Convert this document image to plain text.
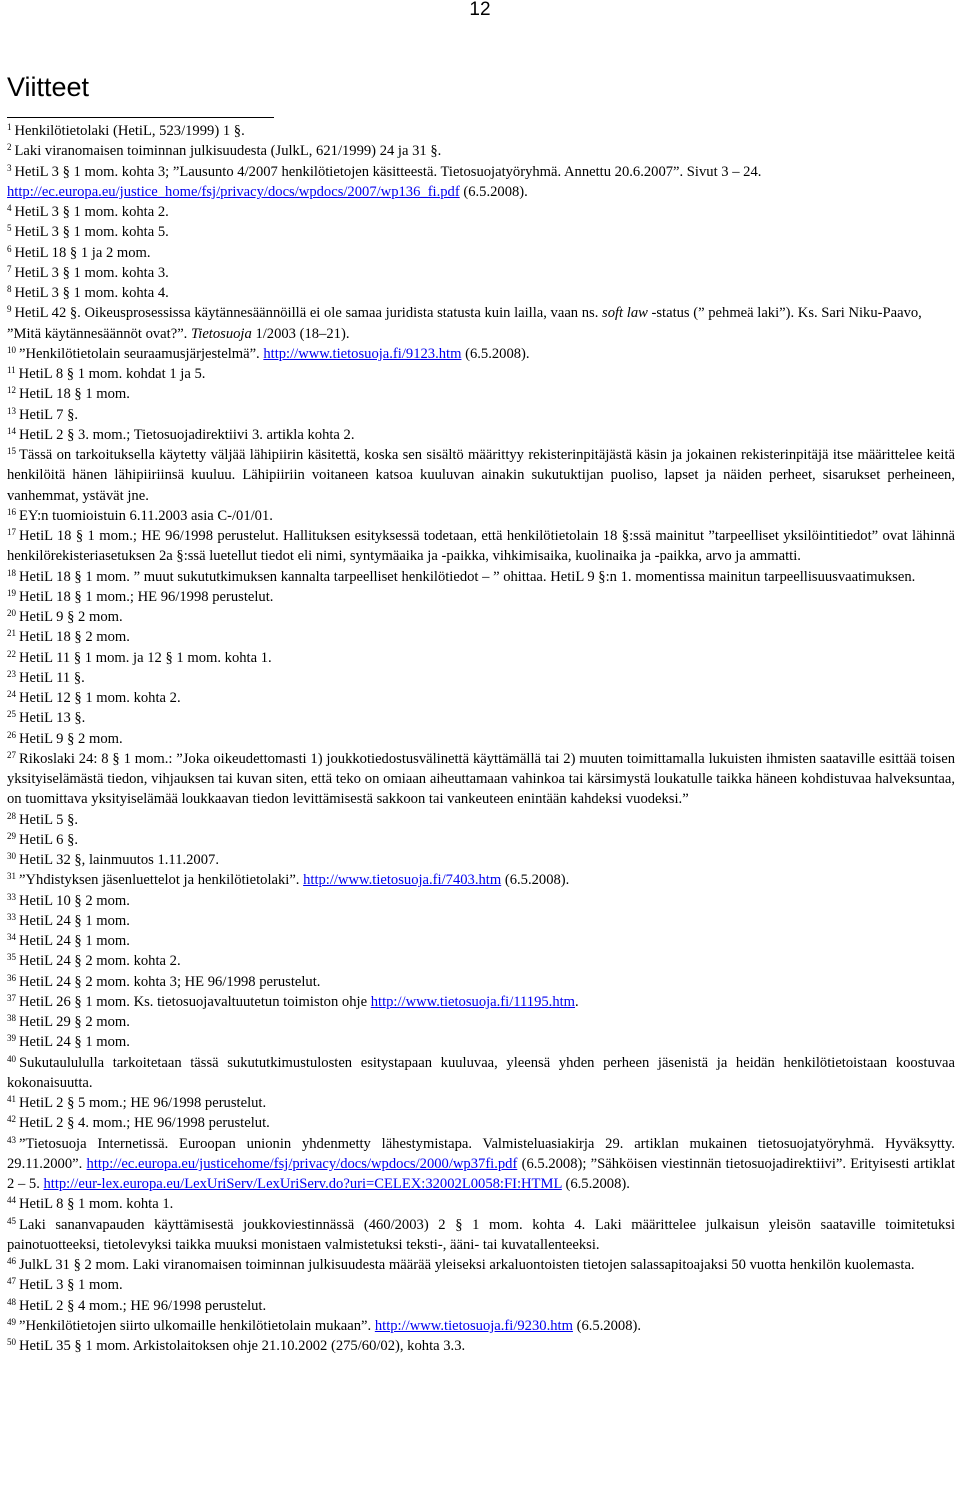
12
Viitteet

$^1$ Henkilötietolaki (HetiL, 523/1999) 1 §.

$^2$ Laki viranomaisen toiminnan julkisuudesta (JulkL, 621/1999) 24 ja 31 §.

$^3$ HetiL 3 § 1 mom. kohta 3; ”Lausunto 4/2007 henkilötietojen käsitteestä. Tietosuojatyöryhmä. Annettu 20.6.2007”. Sivut 3 – 24. http://ec.europa.eu/justice_home/fsj/privacy/docs/wpdocs/2007/wp136_fi.pdf (6.5.2008).

$^4$ HetiL 3 § 1 mom. kohta 2.

$^5$ HetiL 3 § 1 mom. kohta 5.

$^6$ HetiL 18 § 1 ja 2 mom.

$^7$ HetiL 3 § 1 mom. kohta 3.

$^8$ HetiL 3 § 1 mom. kohta 4.

$^9$ HetiL 42 §. Oikeusprosessissa käytännesäännöillä ei ole samaa juridista statusta kuin lailla, vaan ns. soft law -status (” pehmeä laki”). Ks. Sari Niku-Paavo, ”Mitä käytännesäännöt ovat?”. Tietosuoja 1/2003 (18–21).

$^{10}$ ”Henkilötietolain seuraamusjärjestelmä”. http://www.tietosuoja.fi/9123.htm (6.5.2008).

$^{11}$ HetiL 8 § 1 mom. kohdat 1 ja 5.

$^{12}$ HetiL 18 § 1 mom.

$^{13}$ HetiL 7 §.

$^{14}$ HetiL 2 § 3. mom.; Tietosuojadirektiivi 3. artikla kohta 2.

$^{15}$ Tässä on tarkoituksella käytetty väljää lähipiirin käsitettä, koska sen sisältö määrittyy rekisterinpitäjästä käsin ja jokainen rekisterinpitäjä itse määrittelee keitä henkilöitä hänen lähipiiriinsä kuuluu. Lähipiiriin voitaneen katsoa kuuluvan ainakin sukutuktijan puoliso, lapset ja näiden perheet, sisarukset perheineen, vanhemmat, ystävät jne.

$^{16}$ EY:n tuomioistuin 6.11.2003 asia C-/01/01.

$^{17}$ HetiL 18 § 1 mom.; HE 96/1998 perustelut. Hallituksen esityksessä todetaan, että henkilötietolain 18 §:ssä mainitut ”tarpeelliset yksilöintitiedot” ovat lähinnä henkilörekisteriasetuksen 2a §:ssä luetellut tiedot eli nimi, syntymäaika ja -paikka, vihkimisaika, kuolinaika ja -paikka, arvo ja ammatti.

$^{18}$ HetiL 18 § 1 mom. ” muut sukututkimuksen kannalta tarpeelliset henkilötiedot – ” ohittaa. HetiL 9 §:n 1. momentissa mainitun tarpeellisuusvaatimuksen.

$^{19}$ HetiL 18 § 1 mom.; HE 96/1998 perustelut.

$^{20}$ HetiL 9 § 2 mom.

$^{21}$ HetiL 18 § 2 mom.

$^{22}$ HetiL 11 § 1 mom. ja 12 § 1 mom. kohta 1.

$^{23}$ HetiL 11 §.

$^{24}$ HetiL 12 § 1 mom. kohta 2.

$^{25}$ HetiL 13 §.

$^{26}$ HetiL 9 § 2 mom.

$^{27}$ Rikoslaki 24: 8 § 1 mom.: ”Joka oikeudettomasti 1) joukkotiedostusvälinettä käyttämällä tai 2) muuten toimittamalla lukuisten ihmisten saataville esittää toisen yksityiselämästä tiedon, vihjauksen tai kuvan siten, että teko on omiaan aiheuttamaan vahinkoa tai kärsimystä loukatulle taikka häneen kohdistuvaa halveksuntaa, on tuomittava yksityiselämää loukkaavan tiedon levittämisestä sakkoon tai vankeuteen enintään kahdeksi vuodeksi.”

$^{28}$ HetiL 5 §.

$^{29}$ HetiL 6 §.

$^{30}$ HetiL 32 §, lainmuutos 1.11.2007.

$^{31}$ ”Yhdistyksen jäsenluettelot ja henkilötietolaki”. http://www.tietosuoja.fi/7403.htm (6.5.2008).

$^{33}$ HetiL 10 § 2 mom.

$^{33}$ HetiL 24 § 1 mom.

$^{34}$ HetiL 24 § 1 mom.

$^{35}$ HetiL 24 § 2 mom. kohta 2.

$^{36}$ HetiL 24 § 2 mom. kohta 3; HE 96/1998 perustelut.

$^{37}$ HetiL 26 § 1 mom. Ks. tietosuojavaltuutetun toimiston ohje http://www.tietosuoja.fi/11195.htm.

$^{38}$ HetiL 29 § 2 mom.

$^{39}$ HetiL 24 § 1 mom.

$^{40}$ Sukutaulululla tarkoitetaan tässä sukututkimustulosten esitystapaan kuuluvaa, yleensä yhden perheen jäsenistä ja heidän henkilötietoistaan koostuvaa kokonaisuutta.

$^{41}$ HetiL 2 § 5 mom.; HE 96/1998 perustelut.

$^{42}$ HetiL 2 § 4. mom.; HE 96/1998 perustelut.

$^{43}$ ”Tietosuoja Internetissä. Euroopan unionin yhdenmetty lähestymistapa. Valmisteluasiakirja 29. artiklan mukainen tietosuojatyöryhmä. Hyväksytty. 29.11.2000”. http://ec.europa.eu/justicehome/fsj/privacy/docs/wpdocs/2000/wp37fi.pdf (6.5.2008); ”Sähköisen viestinnän tietosuojadirektiivi”. Erityisesti artiklat 2 – 5. http://eur-lex.europa.eu/LexUriServ/LexUriServ.do?uri=CELEX:32002L0058:FI:HTML (6.5.2008).

$^{44}$ HetiL 8 § 1 mom. kohta 1.

$^{45}$ Laki sananvapauden käyttämisestä joukkoviestinnässä (460/2003) 2 § 1 mom. kohta 4. Laki määrittelee julkaisun yleisön saataville toimitetuksi painotuotteeksi, tietolevyksi taikka muuksi monistaen valmistetuksi teksti-, ääni- tai kuvatallenteeksi.

$^{46}$ JulkL 31 § 2 mom. Laki viranomaisen toiminnan julkisuudesta määrää yleiseksi arkaluontoisten tietojen salassapitoajaksi 50 vuotta henkilön kuolemasta.

$^{47}$ HetiL 3 § 1 mom.

$^{48}$ HetiL 2 § 4 mom.; HE 96/1998 perustelut.

$^{49}$ ”Henkilötietojen siirto ulkomaille henkilötietolain mukaan”. http://www.tietosuoja.fi/9230.htm (6.5.2008).

$^{50}$ HetiL 35 § 1 mom. Arkistolaitoksen ohje 21.10.2002 (275/60/02), kohta 3.3.
